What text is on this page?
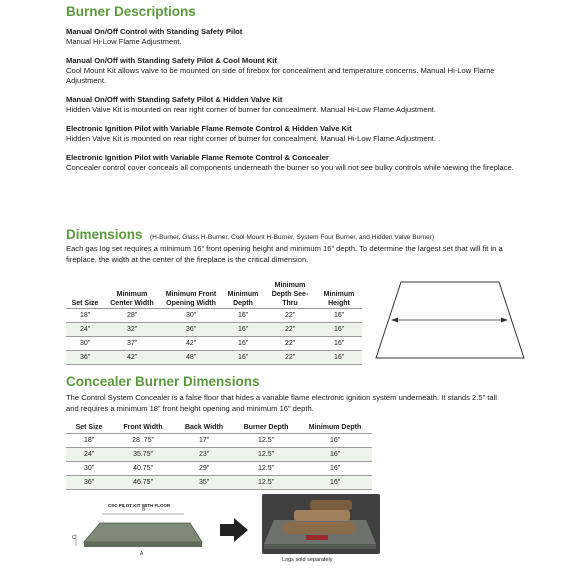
Burner Descriptions
Manual On/Off Control with Standing Safety Pilot
Manual Hi-Low Flame Adjustment.
Manual On/Off with Standing Safety Pilot & Cool Mount Kit
Cool Mount Kit allows valve to be mounted on side of firebox for concealment and temperature concerns. Manual Hi-Low Flame Adjustment.
Manual On/Off with Standing Safety Pilot & Hidden Valve Kit
Hidden Valve Kit is mounted on rear right corner of burner for concealment. Manual Hi-Low Flame Adjustment.
Electronic Ignition Pilot with Variable Flame Remote Control & Hidden Valve Kit
Hidden Valve Kit is mounted on rear right corner of burner for concealment. Manual Hi-Low Flame Adjustment.
Electronic Ignition Pilot with Variable Flame Remote Control & Concealer
Concealer control cover conceals all components underneath the burner so you will not see bulky controls while viewing the fireplace.
Dimensions (H-Burner, Glass H-Burner, Cool Mount H-Burner, System Four Burner, and Hidden Valve Burner)
Each gas log set requires a minimum 16” front opening height and minimum 16” depth. To determine the largest set that will fit in a fireplace, the width at the center of the fireplace is the critical dimension.
Set Size	Minimum Center Width	Minimum Front Opening Width	Minimum Depth	Minimum Depth See-Thru	Minimum Height
18”	28”	30”	16”	22”	16”
24”	32”	36”	16”	22”	16”
30”	37”	42”	16”	22”	16”
36”	42”	48”	16”	22”	16”
Concealer Burner Dimensions
The Control System Concealer is a false floor that hides a variable flame electronic ignition system underneath. It stands 2.5” tall and requires a minimum 18” front height opening and minimum 16” depth.
Set Size	Front Width	Back Width	Burner Depth	Minimum Depth
18”	28 .75”	17”	12.5”	16”
24”	35.75”	23”	12.5”	16”
30”	40.75”	29”	12.5”	16”
36”	46.75”	35”	12.5”	16”
CSC PILOT KIT WITH FLOOR
B
C
A
Logs sold separately
